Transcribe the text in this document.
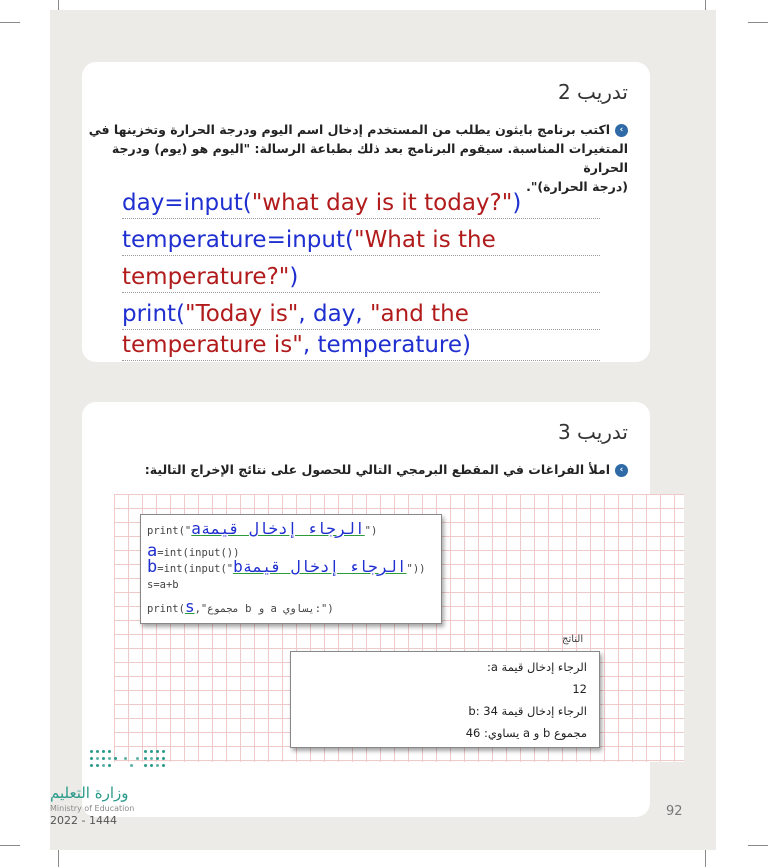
تدريب 2
›اكتب برنامج بايثون يطلب من المستخدم إدخال اسم اليوم ودرجة الحرارة وتخزينها في
المتغيرات المناسبة. سيقوم البرنامج بعد ذلك بطباعة الرسالة: "اليوم هو (يوم) ودرجة الحرارة
(درجة الحرارة)".
day=input("what day is it today?")
temperature=input("What is the
temperature?")
print("Today is", day, "and the
temperature is", temperature)
تدريب 3
›املأ الفراغات في المقطع البرمجي التالي للحصول على نتائج الإخراج التالية:
print("aالرجاء إدخال قيمة")
a=int(input())
b=int(input("bالرجاء إدخال قيمة"))
s=a+b
print(s,"مجموع b و a يساوي:")
الناتج
الرجاء إدخال قيمة a:
12
الرجاء إدخال قيمة b: 34
مجموع b و a يساوي: 46
وزارة التعليم
Ministry of Education
2022 - 1444
92
